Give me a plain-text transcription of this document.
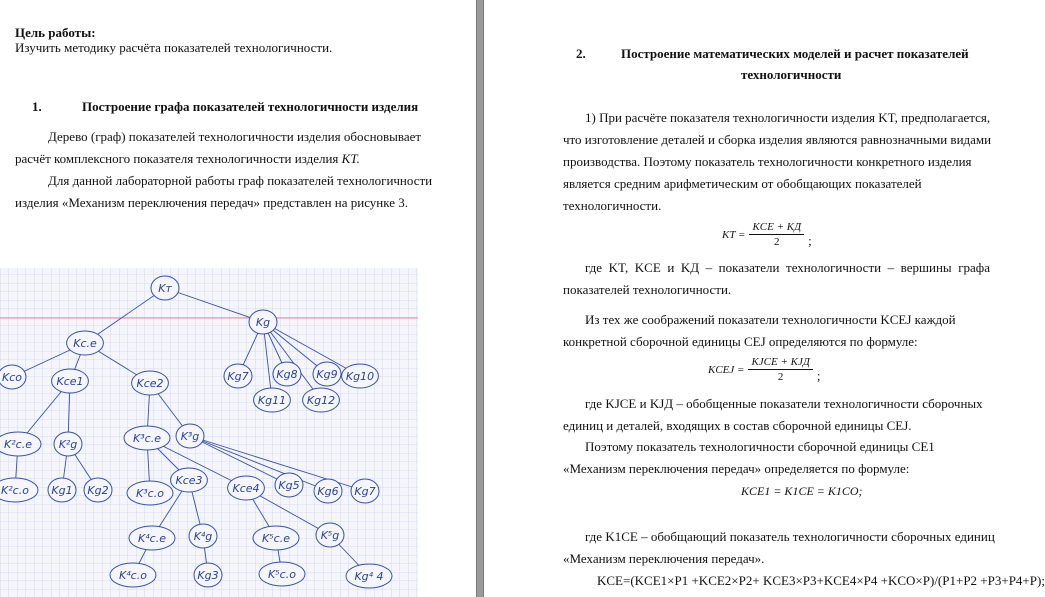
Цель работы:
Изучить методику расчёта показателей технологичности.
1.	Построение графа показателей технологичности изделия
Дерево (граф) показателей технологичности изделия обосновывает
расчёт комплексного показателя технологичности изделия KT.
Для данной лабораторной работы граф показателей технологичности
изделия «Механизм переключения передач» представлен на рисунке 3.
Kт
Kg
Kc.e
Kco	Kce1	Kce2
Kg7	Kg8 Kg9 Kg10
Kg11 Kg12
K²c.e K²g	K³c.e K³g
K²c.o Kg1 Kg2 K³c.o
Kce3
Kce4 Kg5 Kg6 Kg7
K⁴c.e	K⁴g	K⁵c.e	K⁵g
K⁴c.o	Kg3	K⁵c.o	Kg⁴ 4
2.	Построение математических моделей и расчет показателей
технологичности
1) При расчёте показателя технологичности изделия KT, предполагается,
что изготовление деталей и сборка изделия являются равнозначными видами
производства. Поэтому показатель технологичности конкретного изделия
является средним арифметическим от обобщающих показателей
технологичности.
KT = $\frac{\text{KCE + KД}}{2}$ ;
где KT, KCE и KД – показатели технологичности – вершины графа
показателей технологичности.
Из тех же соображений показатели технологичности KCEJ каждой
конкретной сборочной единицы CEJ определяются по формуле:
KCEJ = $\frac{\text{KJCE + KJД}}{2}$ ;
где KJCE и KJД – обобщенные показатели технологичности сборочных
единиц и деталей, входящих в состав сборочной единицы CEJ.
Поэтому показатель технологичности сборочной единицы CE1
«Механизм переключения передач» определяется по формуле:
KCE1 = K1CE = K1CO;
где K1CE – обобщающий показатель технологичности сборочных единиц
«Механизм переключения передач».
KCE=(KCE1×P1 +KCE2×P2+ KCE3×P3+KCE4×P4 +KCO×P)/(P1+P2 +P3+P4+P);
